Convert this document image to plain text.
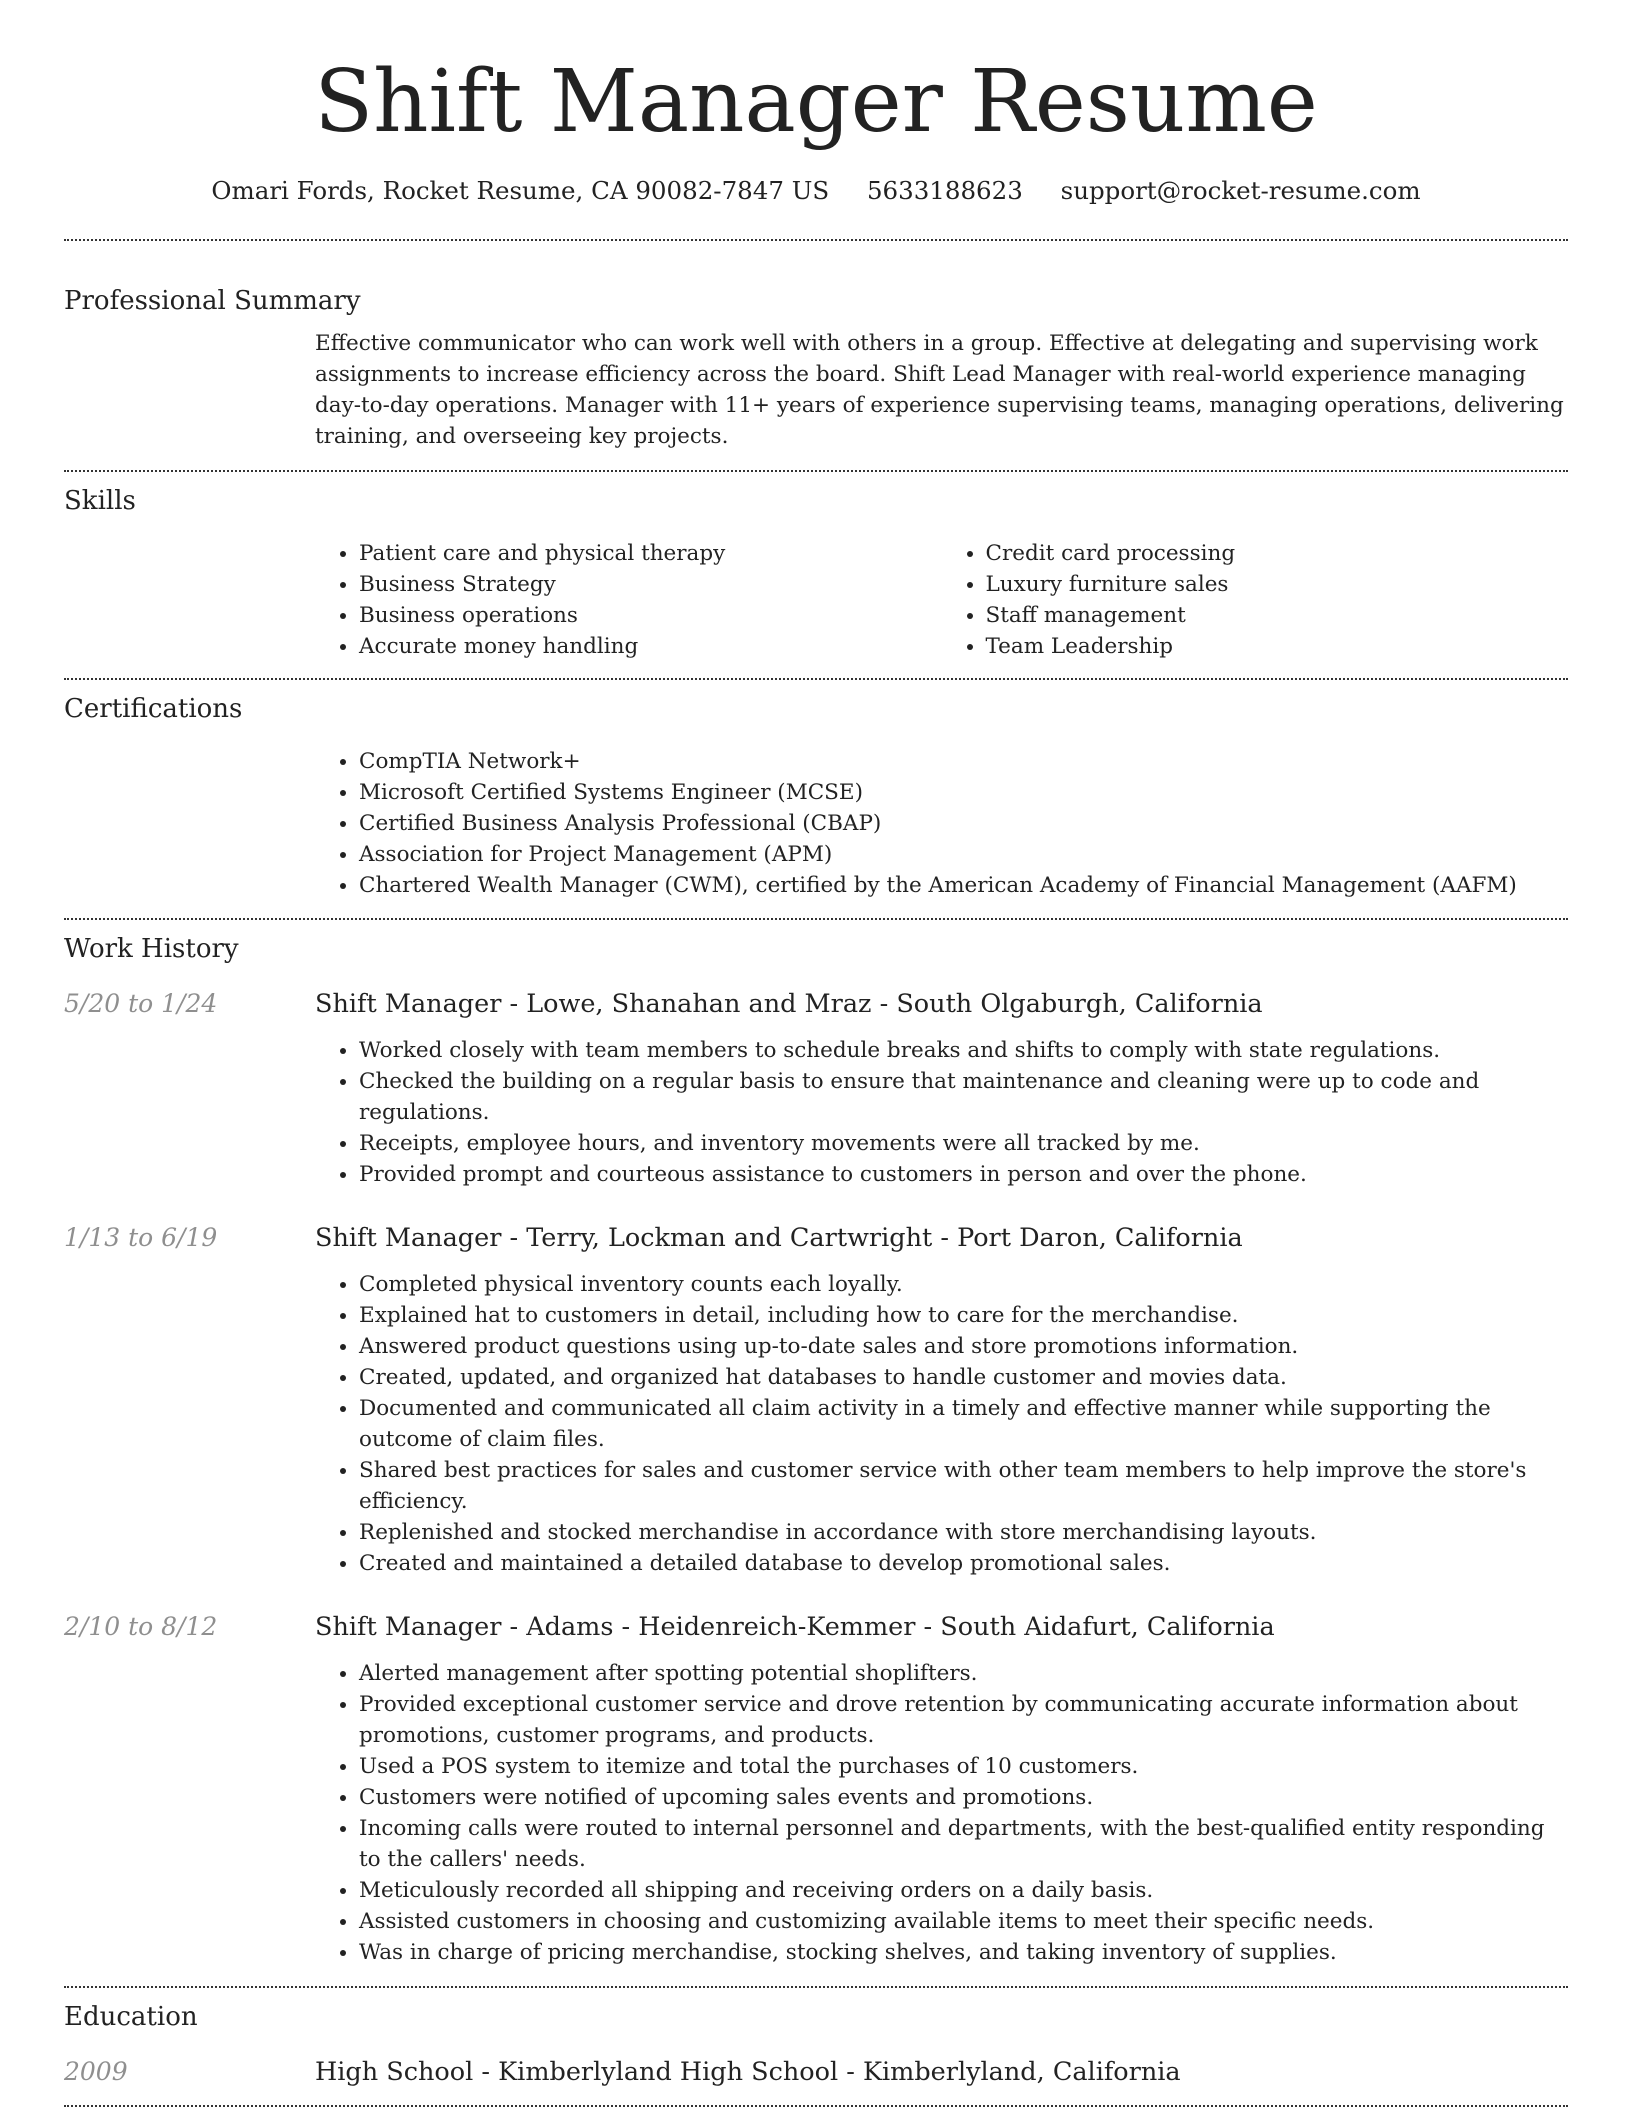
Shift Manager Resume
Omari Fords, Rocket Resume, CA 90082-7847 US 5633188623 support@rocket-resume.com
Professional Summary

Effective communicator who can work well with others in a group. Effective at delegating and supervising work assignments to increase efficiency across the board. Shift Lead Manager with real-world experience managing day-to-day operations. Manager with 11+ years of experience supervising teams, managing operations, delivering training, and overseeing key projects.

Skills
• Patient care and physical therapy
• Business Strategy
• Business operations
• Accurate money handling
• Credit card processing
• Luxury furniture sales
• Staff management
• Team Leadership
Certifications
• CompTIA Network+
• Microsoft Certified Systems Engineer (MCSE)
• Certified Business Analysis Professional (CBAP)
• Association for Project Management (APM)
• Chartered Wealth Manager (CWM), certified by the American Academy of Financial Management (AAFM)
Work History
5/20 to 1/24	Shift Manager - Lowe, Shanahan and Mraz - South Olgaburgh, California
• Worked closely with team members to schedule breaks and shifts to comply with state regulations.
• Checked the building on a regular basis to ensure that maintenance and cleaning were up to code and regulations.
• Receipts, employee hours, and inventory movements were all tracked by me.
• Provided prompt and courteous assistance to customers in person and over the phone.
1/13 to 6/19	Shift Manager - Terry, Lockman and Cartwright - Port Daron, California
• Completed physical inventory counts each loyally.
• Explained hat to customers in detail, including how to care for the merchandise.
• Answered product questions using up-to-date sales and store promotions information.
• Created, updated, and organized hat databases to handle customer and movies data.
• Documented and communicated all claim activity in a timely and effective manner while supporting the outcome of claim files.
• Shared best practices for sales and customer service with other team members to help improve the store's efficiency.
• Replenished and stocked merchandise in accordance with store merchandising layouts.
• Created and maintained a detailed database to develop promotional sales.
2/10 to 8/12	Shift Manager - Adams - Heidenreich-Kemmer - South Aidafurt, California
• Alerted management after spotting potential shoplifters.
• Provided exceptional customer service and drove retention by communicating accurate information about promotions, customer programs, and products.
• Used a POS system to itemize and total the purchases of 10 customers.
• Customers were notified of upcoming sales events and promotions.
• Incoming calls were routed to internal personnel and departments, with the best-qualified entity responding to the callers' needs.
• Meticulously recorded all shipping and receiving orders on a daily basis.
• Assisted customers in choosing and customizing available items to meet their specific needs.
• Was in charge of pricing merchandise, stocking shelves, and taking inventory of supplies.
Education
2009	High School - Kimberlyland High School - Kimberlyland, California
